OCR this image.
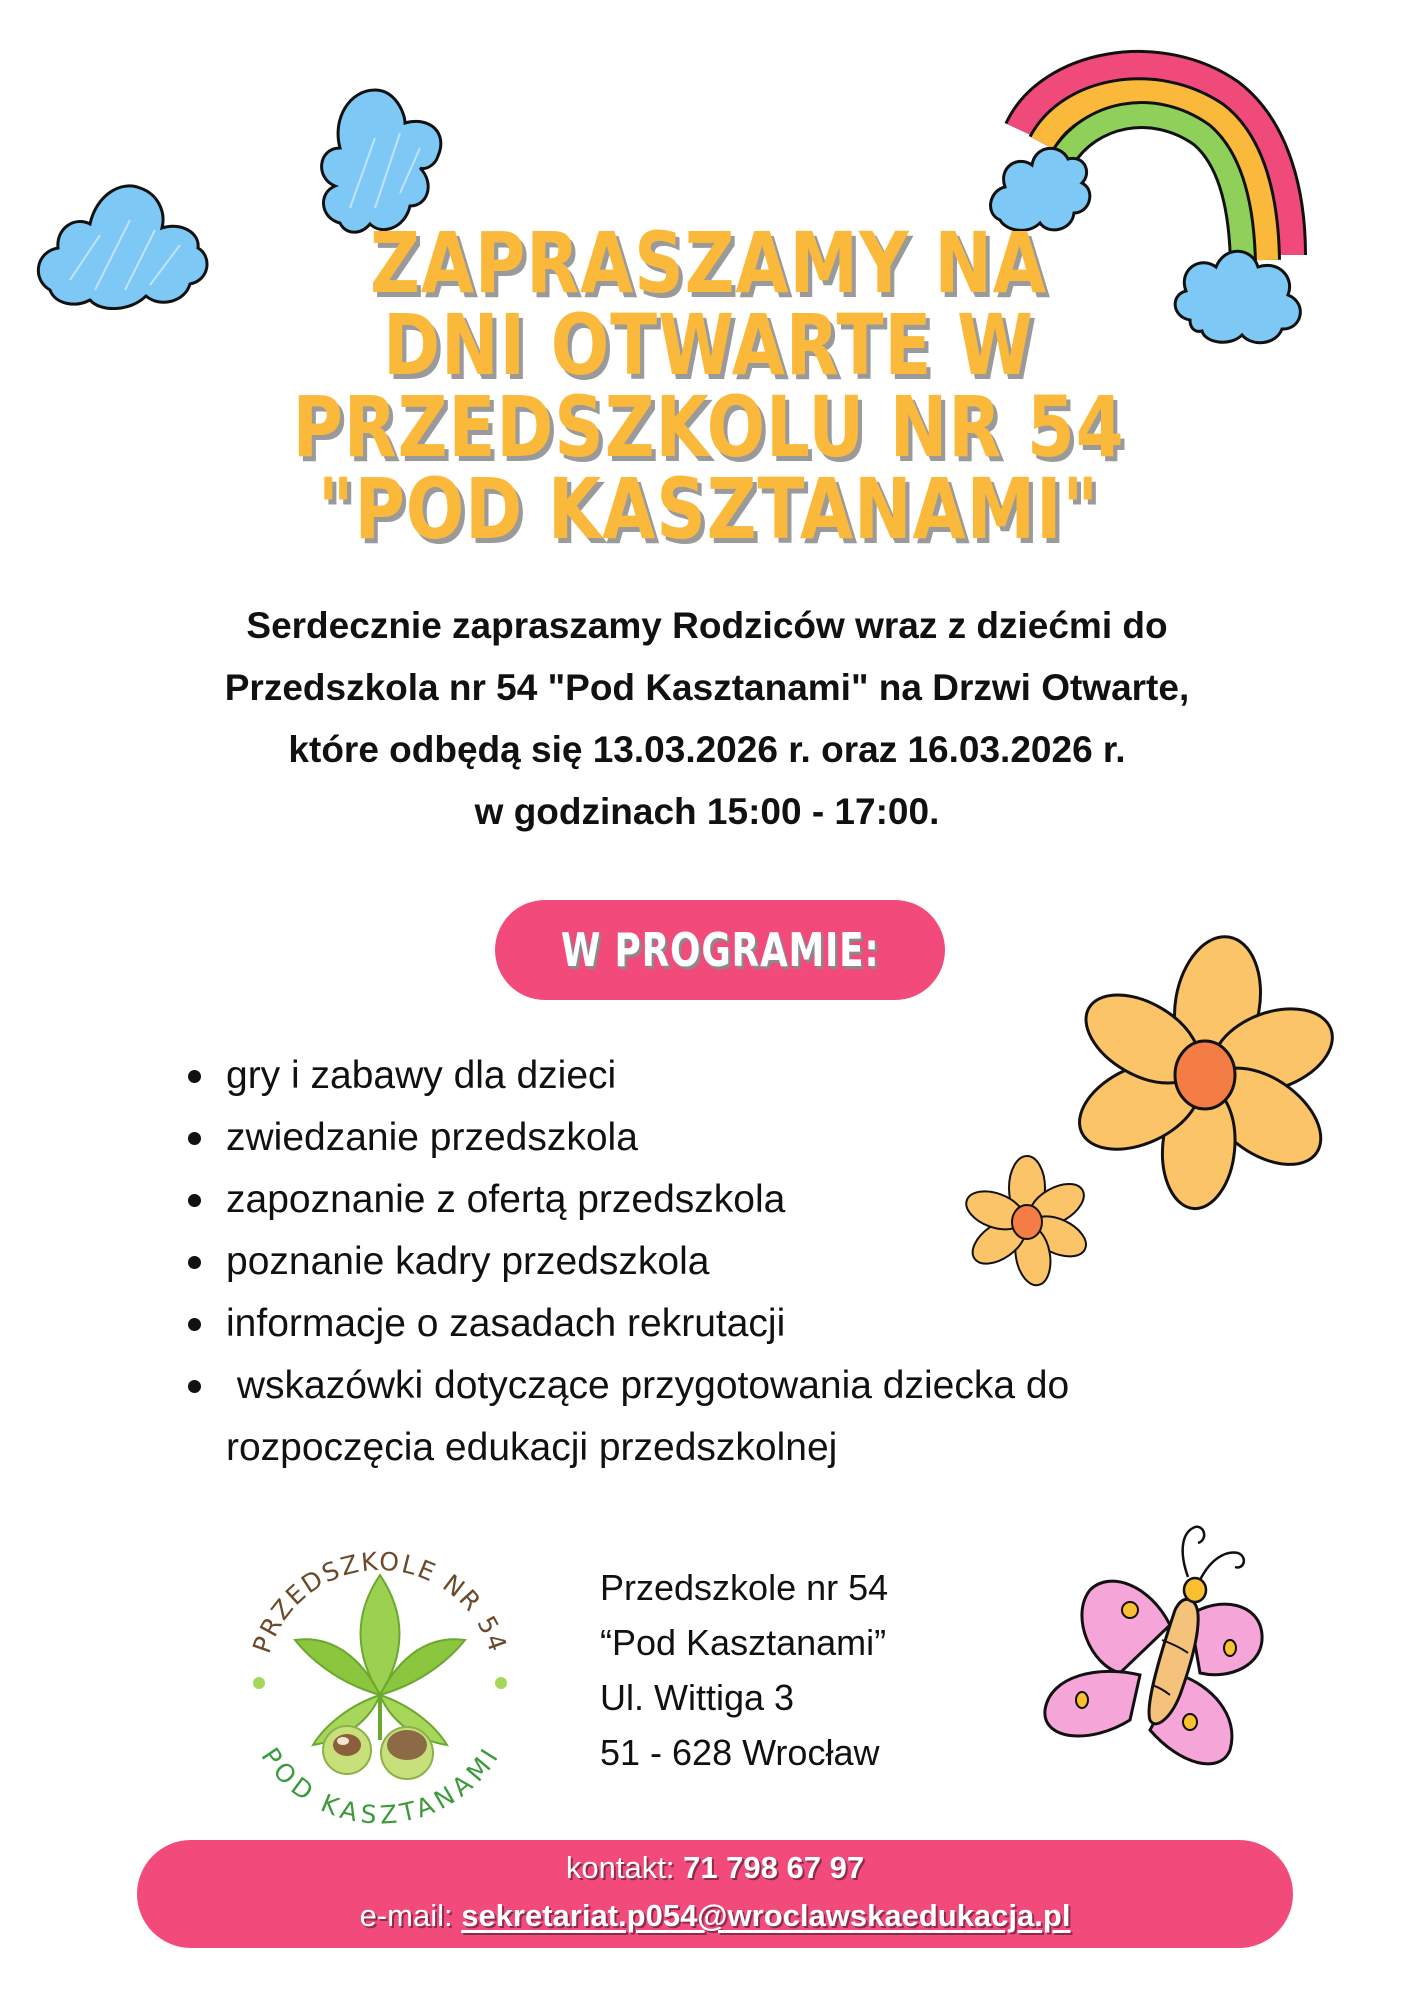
ZAPRASZAMY NA
DNI OTWARTE W
PRZEDSZKOLU NR 54
"POD KASZTANAMI"
Serdecznie zapraszamy Rodziców wraz z dziećmi do
Przedszkola nr 54 "Pod Kasztanami" na Drzwi Otwarte,
które odbędą się 13.03.2026 r. oraz 16.03.2026 r.
w godzinach 15:00 - 17:00.
W PROGRAMIE:
gry i zabawy dla dzieci
zwiedzanie przedszkola
zapoznanie z ofertą przedszkola
poznanie kadry przedszkola
informacje o zasadach rekrutacji
wskazówki dotyczące przygotowania dziecka do
rozpoczęcia edukacji przedszkolnej
PRZEDSZKOLE NR 54
POD KASZTANAMI
Przedszkole nr 54
“Pod Kasztanami”
Ul. Wittiga 3
51 - 628 Wrocław
kontakt: 71 798 67 97
e-mail: sekretariat.p054@wroclawskaedukacja.pl
